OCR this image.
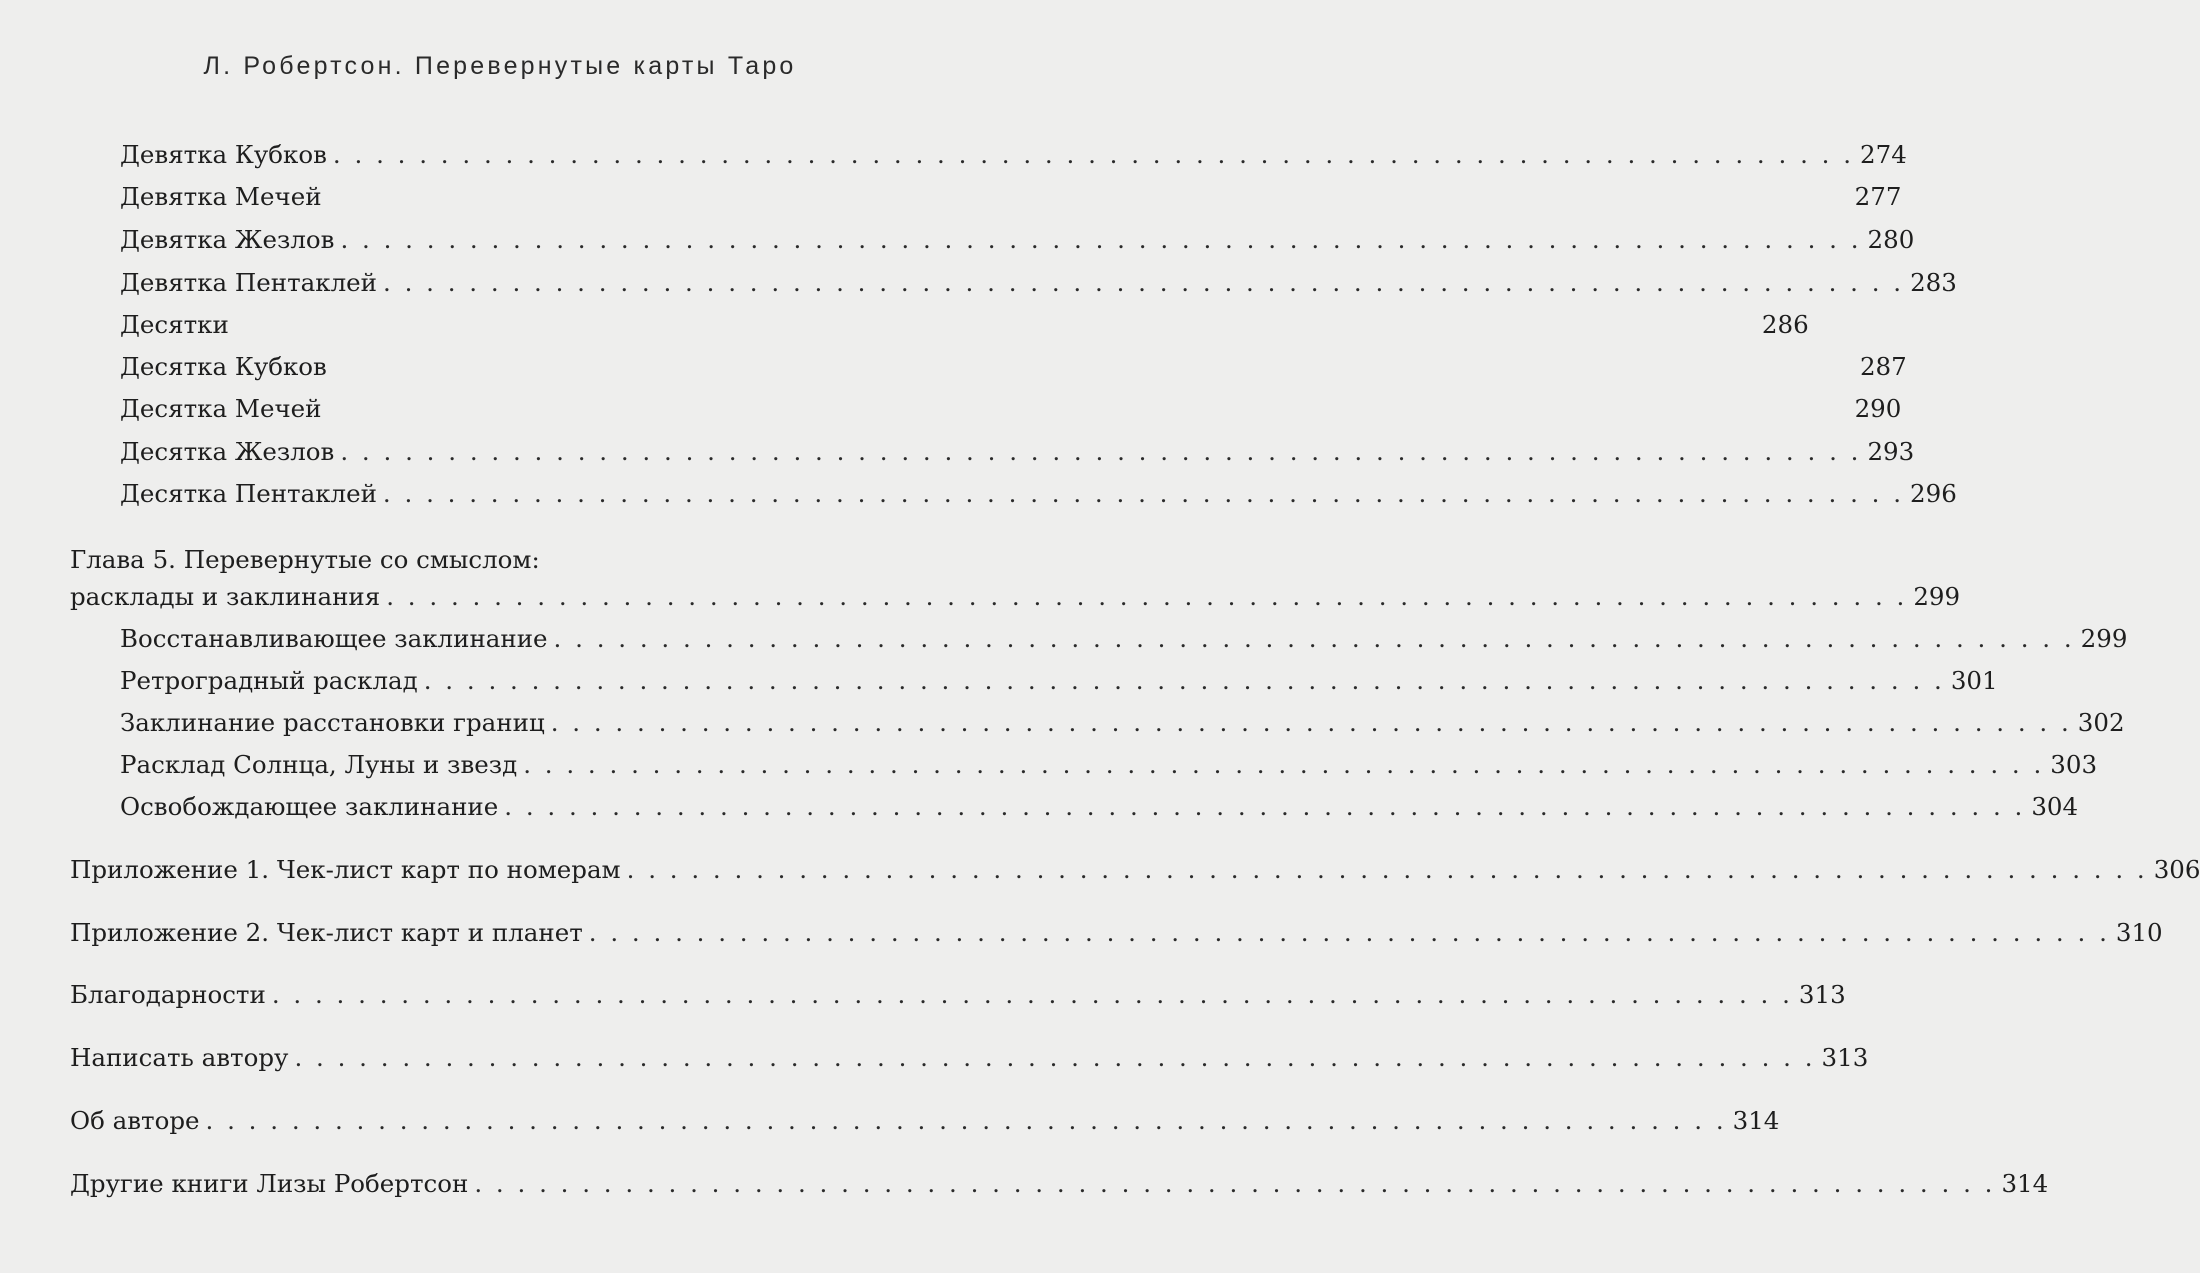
Л. Робертсон. Перевернутые карты Таро
Девятка Кубков . . . . . . . . . . . . . . . . . . . . . . . . . . . . . . . . . . . . . . . . . . . . . . . . . . . . . . . . . . . . . . . . . . . . . . . 274
Девятка Мечей	277
Девятка Жезлов . . . . . . . . . . . . . . . . . . . . . . . . . . . . . . . . . . . . . . . . . . . . . . . . . . . . . . . . . . . . . . . . . . . . . . . 280
Девятка Пентаклей . . . . . . . . . . . . . . . . . . . . . . . . . . . . . . . . . . . . . . . . . . . . . . . . . . . . . . . . . . . . . . . . . . . . . . . 283
Десятки	286
Десятка Кубков	287
Десятка Мечей	290
Десятка Жезлов . . . . . . . . . . . . . . . . . . . . . . . . . . . . . . . . . . . . . . . . . . . . . . . . . . . . . . . . . . . . . . . . . . . . . . . 293
Десятка Пентаклей . . . . . . . . . . . . . . . . . . . . . . . . . . . . . . . . . . . . . . . . . . . . . . . . . . . . . . . . . . . . . . . . . . . . . . . 296
Глава 5. Перевернутые со смыслом:
расклады и заклинания . . . . . . . . . . . . . . . . . . . . . . . . . . . . . . . . . . . . . . . . . . . . . . . . . . . . . . . . . . . . . . . . . . . . . . . 299
Восстанавливающее заклинание . . . . . . . . . . . . . . . . . . . . . . . . . . . . . . . . . . . . . . . . . . . . . . . . . . . . . . . . . . . . . . . . . . . . . . . 299
Ретроградный расклад . . . . . . . . . . . . . . . . . . . . . . . . . . . . . . . . . . . . . . . . . . . . . . . . . . . . . . . . . . . . . . . . . . . . . . . 301
Заклинание расстановки границ . . . . . . . . . . . . . . . . . . . . . . . . . . . . . . . . . . . . . . . . . . . . . . . . . . . . . . . . . . . . . . . . . . . . . . . 302
Расклад Солнца, Луны и звезд . . . . . . . . . . . . . . . . . . . . . . . . . . . . . . . . . . . . . . . . . . . . . . . . . . . . . . . . . . . . . . . . . . . . . . . 303
Освобождающее заклинание . . . . . . . . . . . . . . . . . . . . . . . . . . . . . . . . . . . . . . . . . . . . . . . . . . . . . . . . . . . . . . . . . . . . . . . 304
Приложение 1. Чек-лист карт по номерам . . . . . . . . . . . . . . . . . . . . . . . . . . . . . . . . . . . . . . . . . . . . . . . . . . . . . . . . . . . . . . . . . . . . . . . 306
Приложение 2. Чек-лист карт и планет . . . . . . . . . . . . . . . . . . . . . . . . . . . . . . . . . . . . . . . . . . . . . . . . . . . . . . . . . . . . . . . . . . . . . . . 310
Благодарности . . . . . . . . . . . . . . . . . . . . . . . . . . . . . . . . . . . . . . . . . . . . . . . . . . . . . . . . . . . . . . . . . . . . . . . 313
Написать автору . . . . . . . . . . . . . . . . . . . . . . . . . . . . . . . . . . . . . . . . . . . . . . . . . . . . . . . . . . . . . . . . . . . . . . . 313
Об авторе . . . . . . . . . . . . . . . . . . . . . . . . . . . . . . . . . . . . . . . . . . . . . . . . . . . . . . . . . . . . . . . . . . . . . . . 314
Другие книги Лизы Робертсон . . . . . . . . . . . . . . . . . . . . . . . . . . . . . . . . . . . . . . . . . . . . . . . . . . . . . . . . . . . . . . . . . . . . . . . 314
